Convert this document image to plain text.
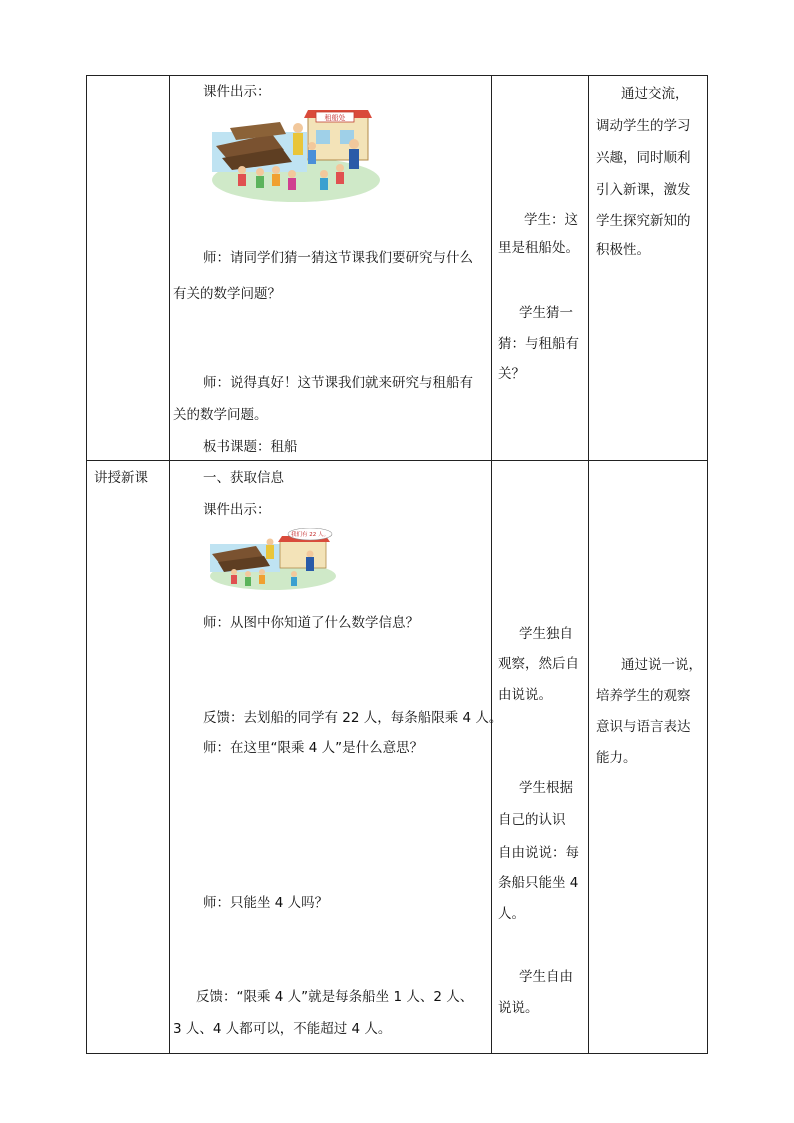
课件出示：
租船处
师：请同学们猜一猜这节课我们要研究与什么
有关的数学问题？
师：说得真好！这节课我们就来研究与租船有
关的数学问题。
板书课题：租船
学生：这
里是租船处。
学生猜一
猜：与租船有
关？
通过交流，
调动学生的学习
兴趣，同时顺利
引入新课，激发
学生探究新知的
积极性。
讲授新课	一、获取信息
课件出示：
我们有 22 人。
师：从图中你知道了什么数学信息？
反馈：去划船的同学有 22 人，每条船限乘 4 人。
师：在这里“限乘 4 人”是什么意思？
师：只能坐 4 人吗？
反馈：“限乘 4 人”就是每条船坐 1 人、2 人、
3 人、4 人都可以，不能超过 4 人。
学生独自
观察，然后自
由说说。
学生根据
自己的认识
自由说说：每
条船只能坐 4
人。
学生自由
说说。
通过说一说，
培养学生的观察
意识与语言表达
能力。
